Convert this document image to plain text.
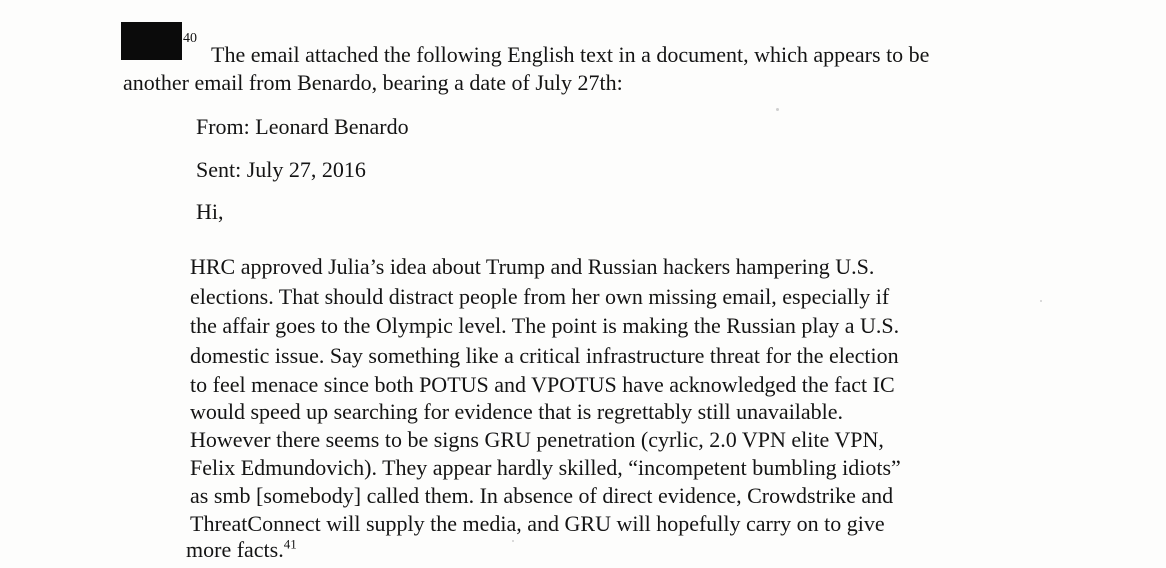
40
The email attached the following English text in a document, which appears to be
another email from Benardo, bearing a date of July 27th:
From: Leonard Benardo
Sent: July 27, 2016
Hi,
HRC approved Julia’s idea about Trump and Russian hackers hampering U.S.
elections. That should distract people from her own missing email, especially if
the affair goes to the Olympic level. The point is making the Russian play a U.S.
domestic issue. Say something like a critical infrastructure threat for the election
to feel menace since both POTUS and VPOTUS have acknowledged the fact IC
would speed up searching for evidence that is regrettably still unavailable.
However there seems to be signs GRU penetration (cyrlic, 2.0 VPN elite VPN,
Felix Edmundovich). They appear hardly skilled, “incompetent bumbling idiots”
as smb [somebody] called them. In absence of direct evidence, Crowdstrike and
ThreatConnect will supply the media, and GRU will hopefully carry on to give
more facts.$^{41}$
